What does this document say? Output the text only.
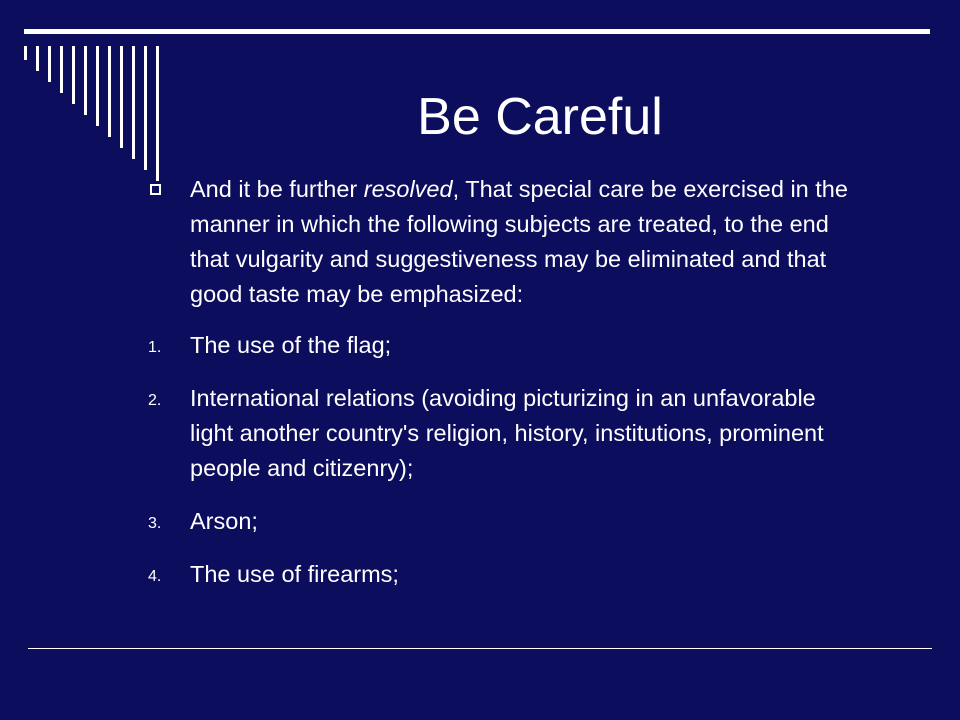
Be Careful
And it be further resolved, That special care be exercised in the manner in which the following subjects are treated, to the end that vulgarity and suggestiveness may be eliminated and that good taste may be emphasized:
1. The use of the flag;
2. International relations (avoiding picturizing in an unfavorable light another country's religion, history, institutions, prominent people and citizenry);
3. Arson;
4. The use of firearms;
